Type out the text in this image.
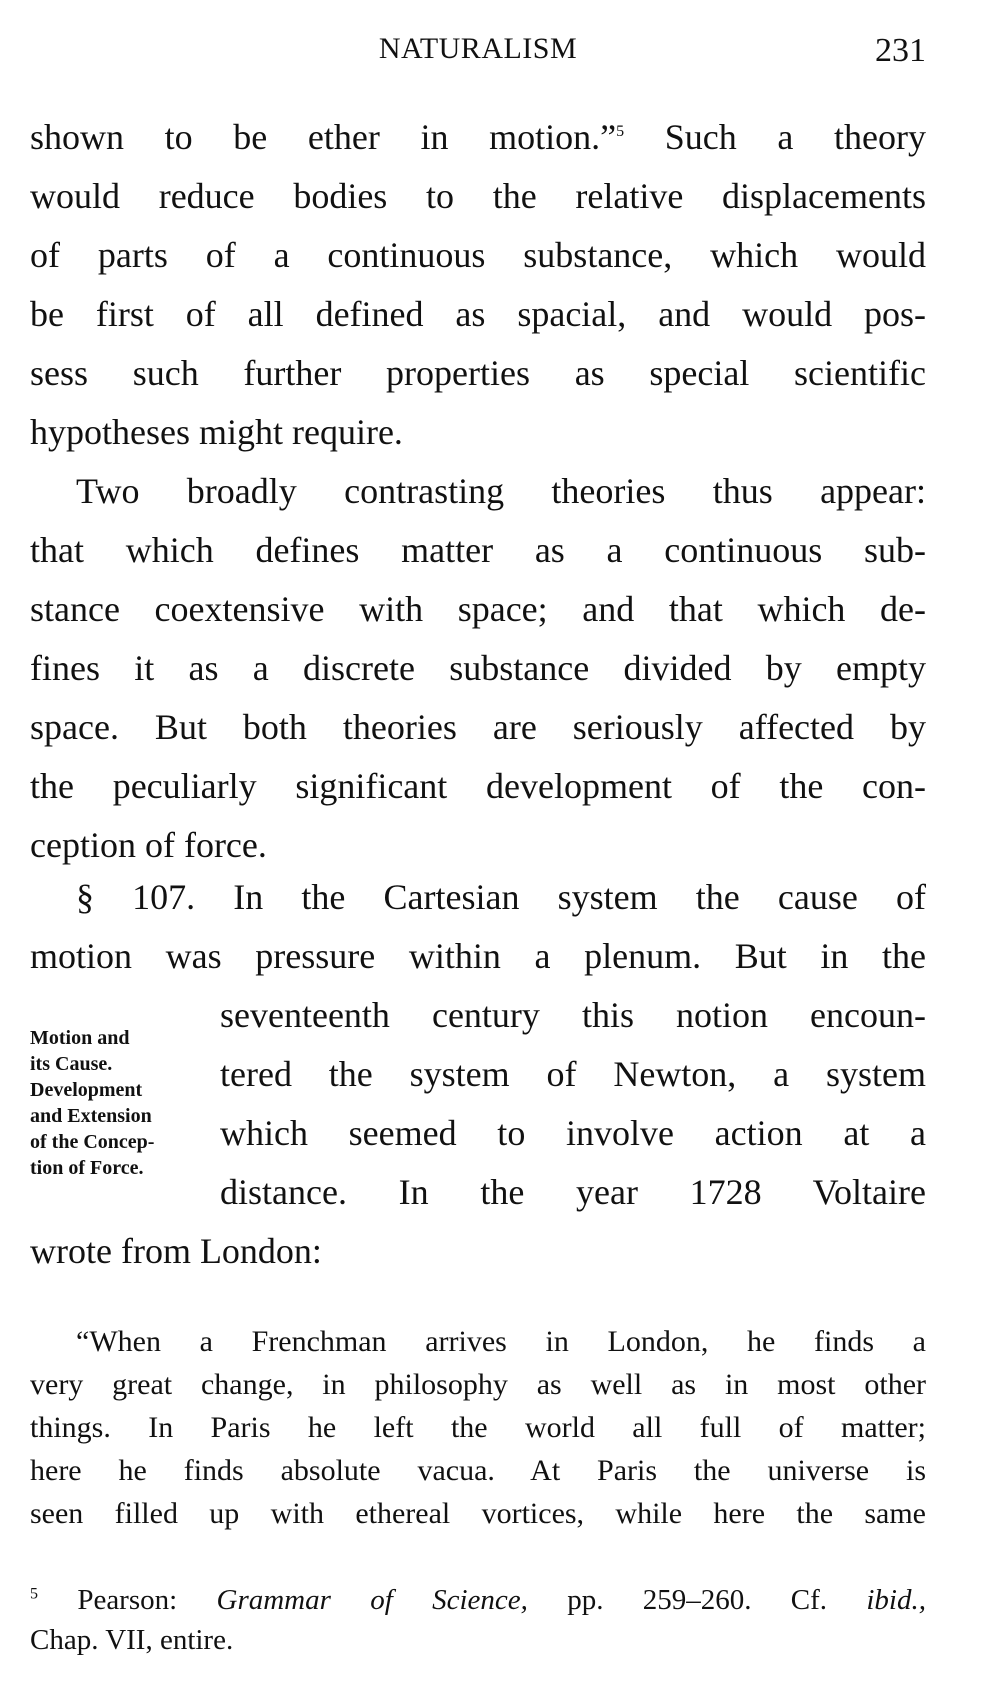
NATURALISM	231
shown to be ether in motion.”$^5$ Such a theory
would reduce bodies to the relative displacements
of parts of a continuous substance, which would
be first of all defined as spacial, and would pos-
sess such further properties as special scientific
hypotheses might require.
Two broadly contrasting theories thus appear:
that which defines matter as a continuous sub-
stance coextensive with space; and that which de-
fines it as a discrete substance divided by empty
space. But both theories are seriously affected by
the peculiarly significant development of the con-
ception of force.
§ 107. In the Cartesian system the cause of
motion was pressure within a plenum. But in the
seventeenth century this notion encoun-
tered the system of Newton, a system
which seemed to involve action at a
distance. In the year 1728 Voltaire
wrote from London:
Motion and
its Cause.
Development
and Extension
of the Concep-
tion of Force.
“When a Frenchman arrives in London, he finds a
very great change, in philosophy as well as in most other
things. In Paris he left the world all full of matter;
here he finds absolute vacua. At Paris the universe is
seen filled up with ethereal vortices, while here the same
$^5$ Pearson: Grammar of Science, pp. 259–260. Cf. ibid.,
Chap. VII, entire.
